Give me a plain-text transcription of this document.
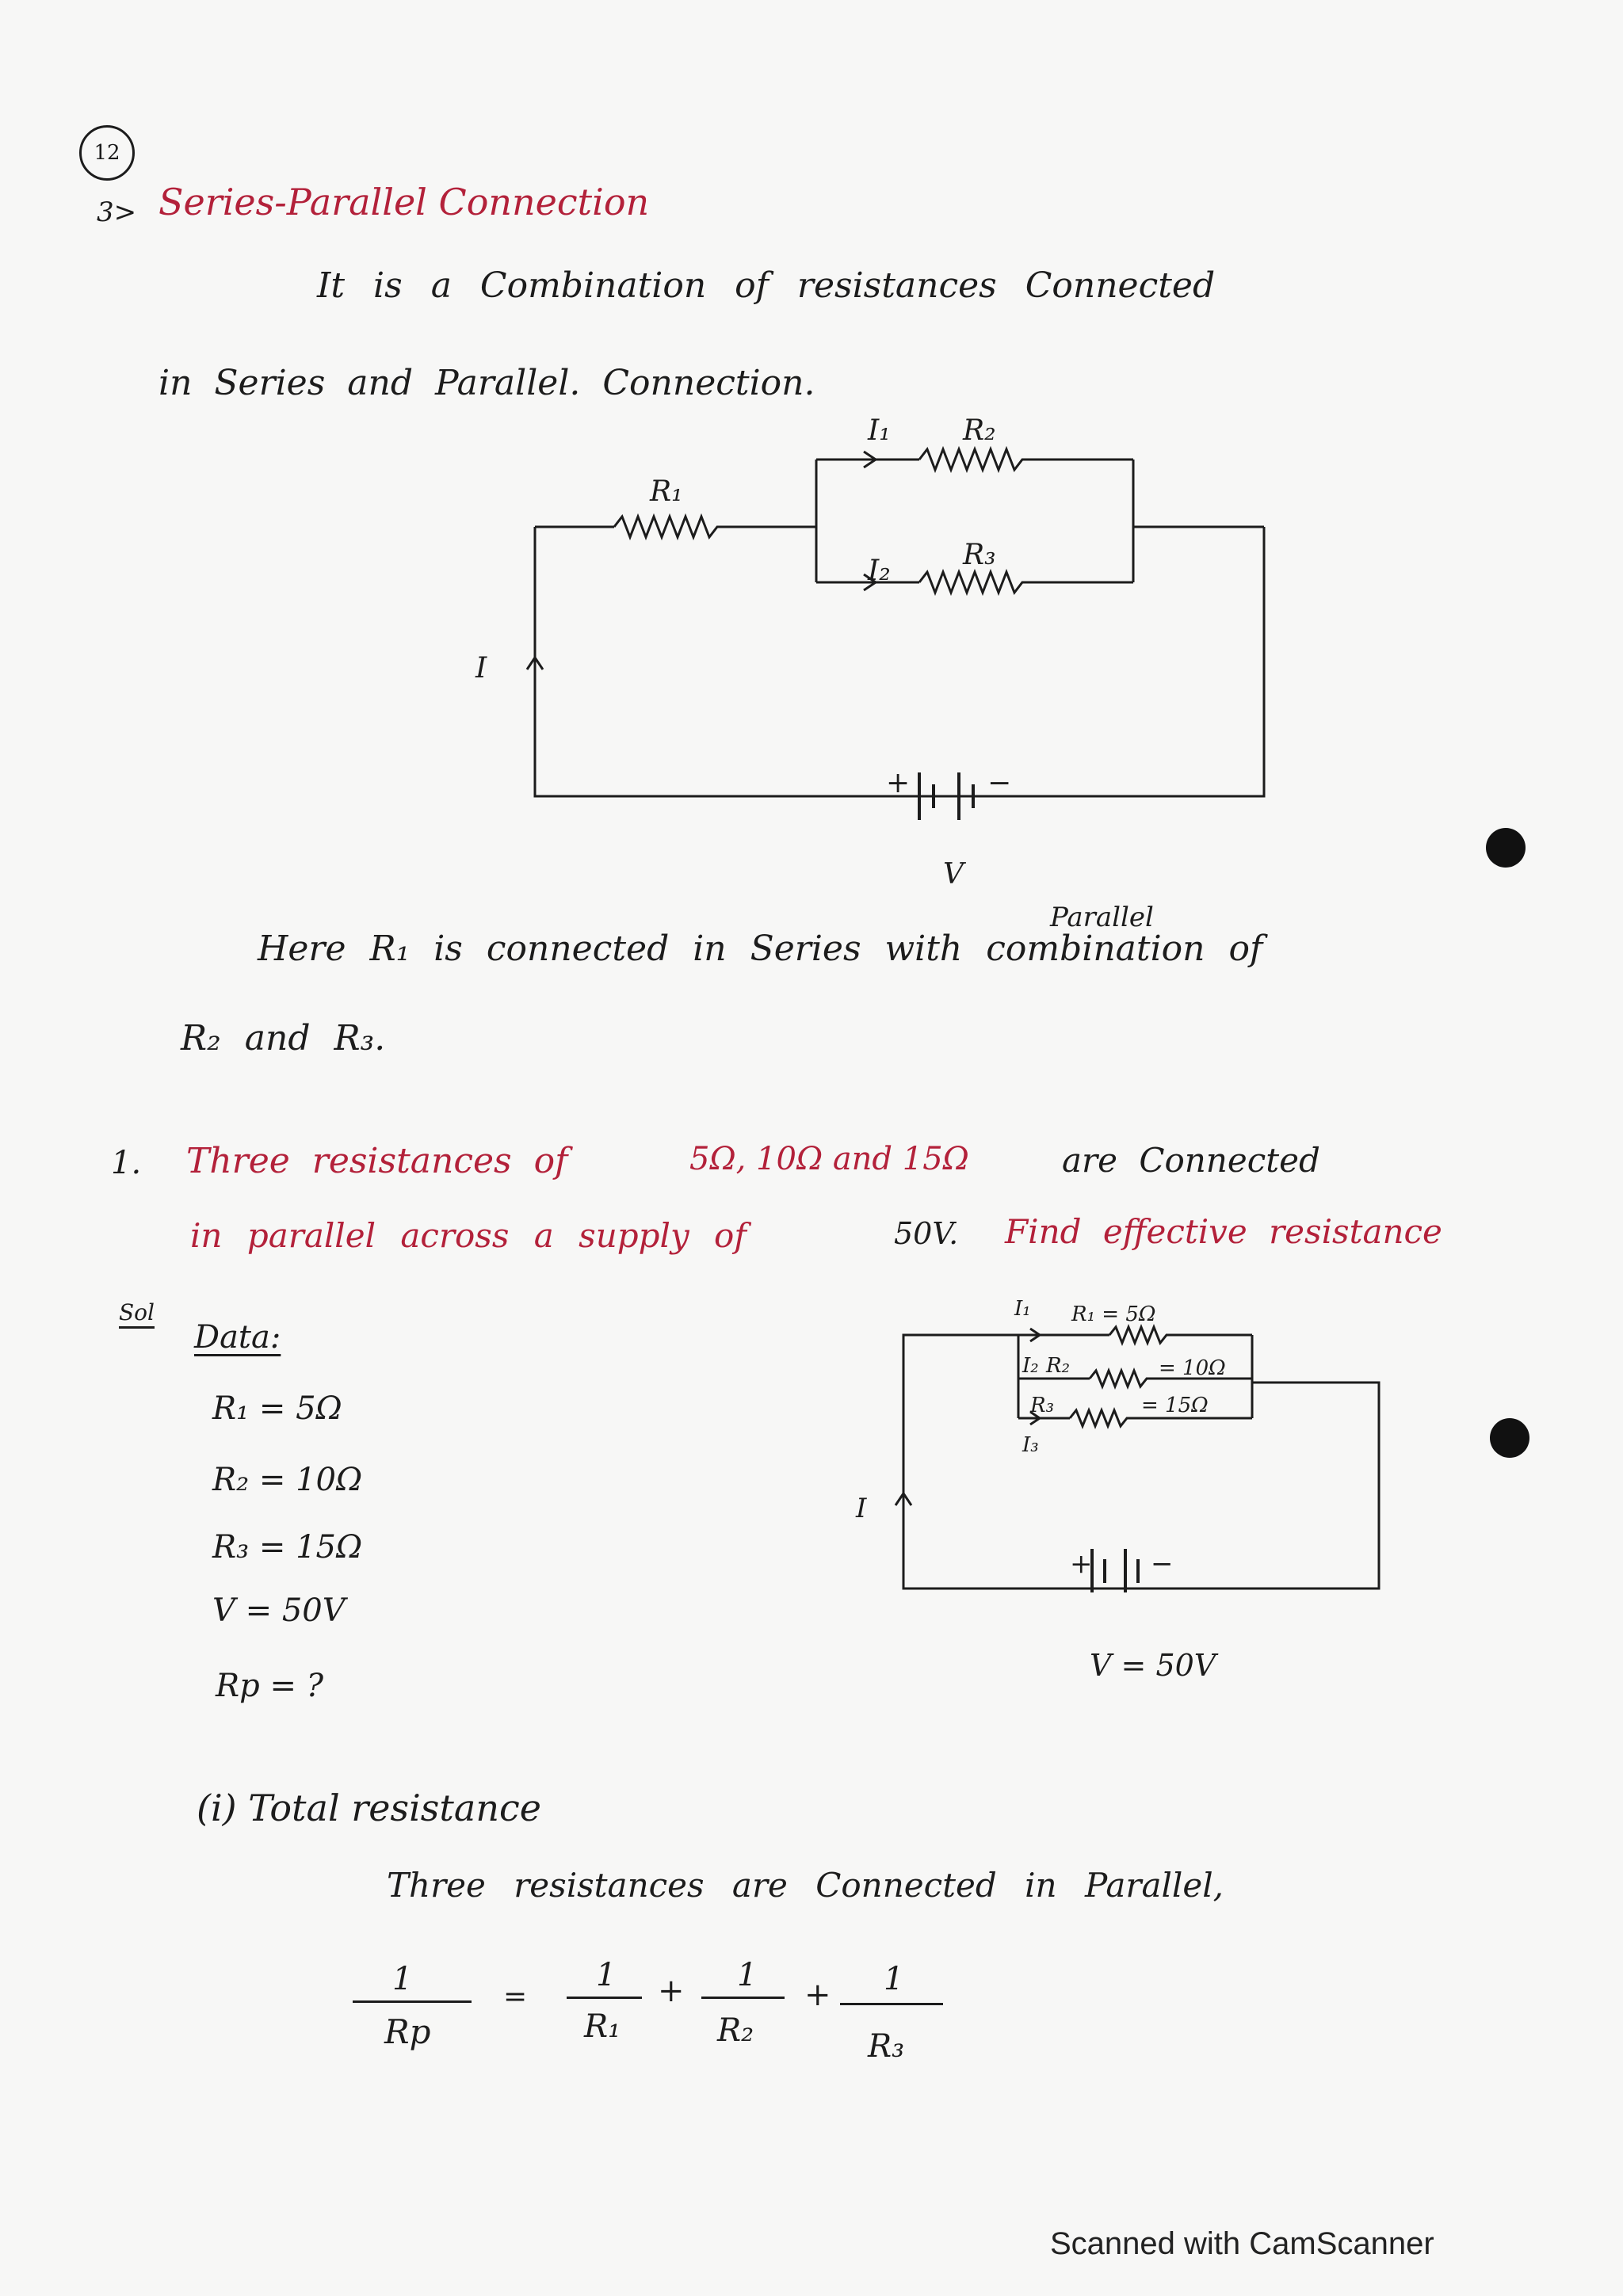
12
3> Series-Parallel Connection
It is a Combination of resistances Connected
in Series and Parallel. Connection.
R₁
R₂
R₃
I₁
I₂
I
+	−
V
I₁ R₁ = 5Ω
I₂ R₂	= 10Ω
R₃	= 15Ω
I₃
I
+ −
V = 50V
Parallel
Here R₁ is connected in Series with combination of
R₂ and R₃.
1. Three resistances of	5Ω, 10Ω and 15Ω	are Connected
in parallel across a supply of	50V. Find effective resistance
Sol
Data:
R₁ = 5Ω
R₂ = 10Ω
R₃ = 15Ω
V = 50V
Rp = ?
(i) Total resistance
Three resistances are Connected in Parallel,
1
Rp
=
1
R₁
+ 1
R₂
+ 1
R₃
Scanned with CamScanner
